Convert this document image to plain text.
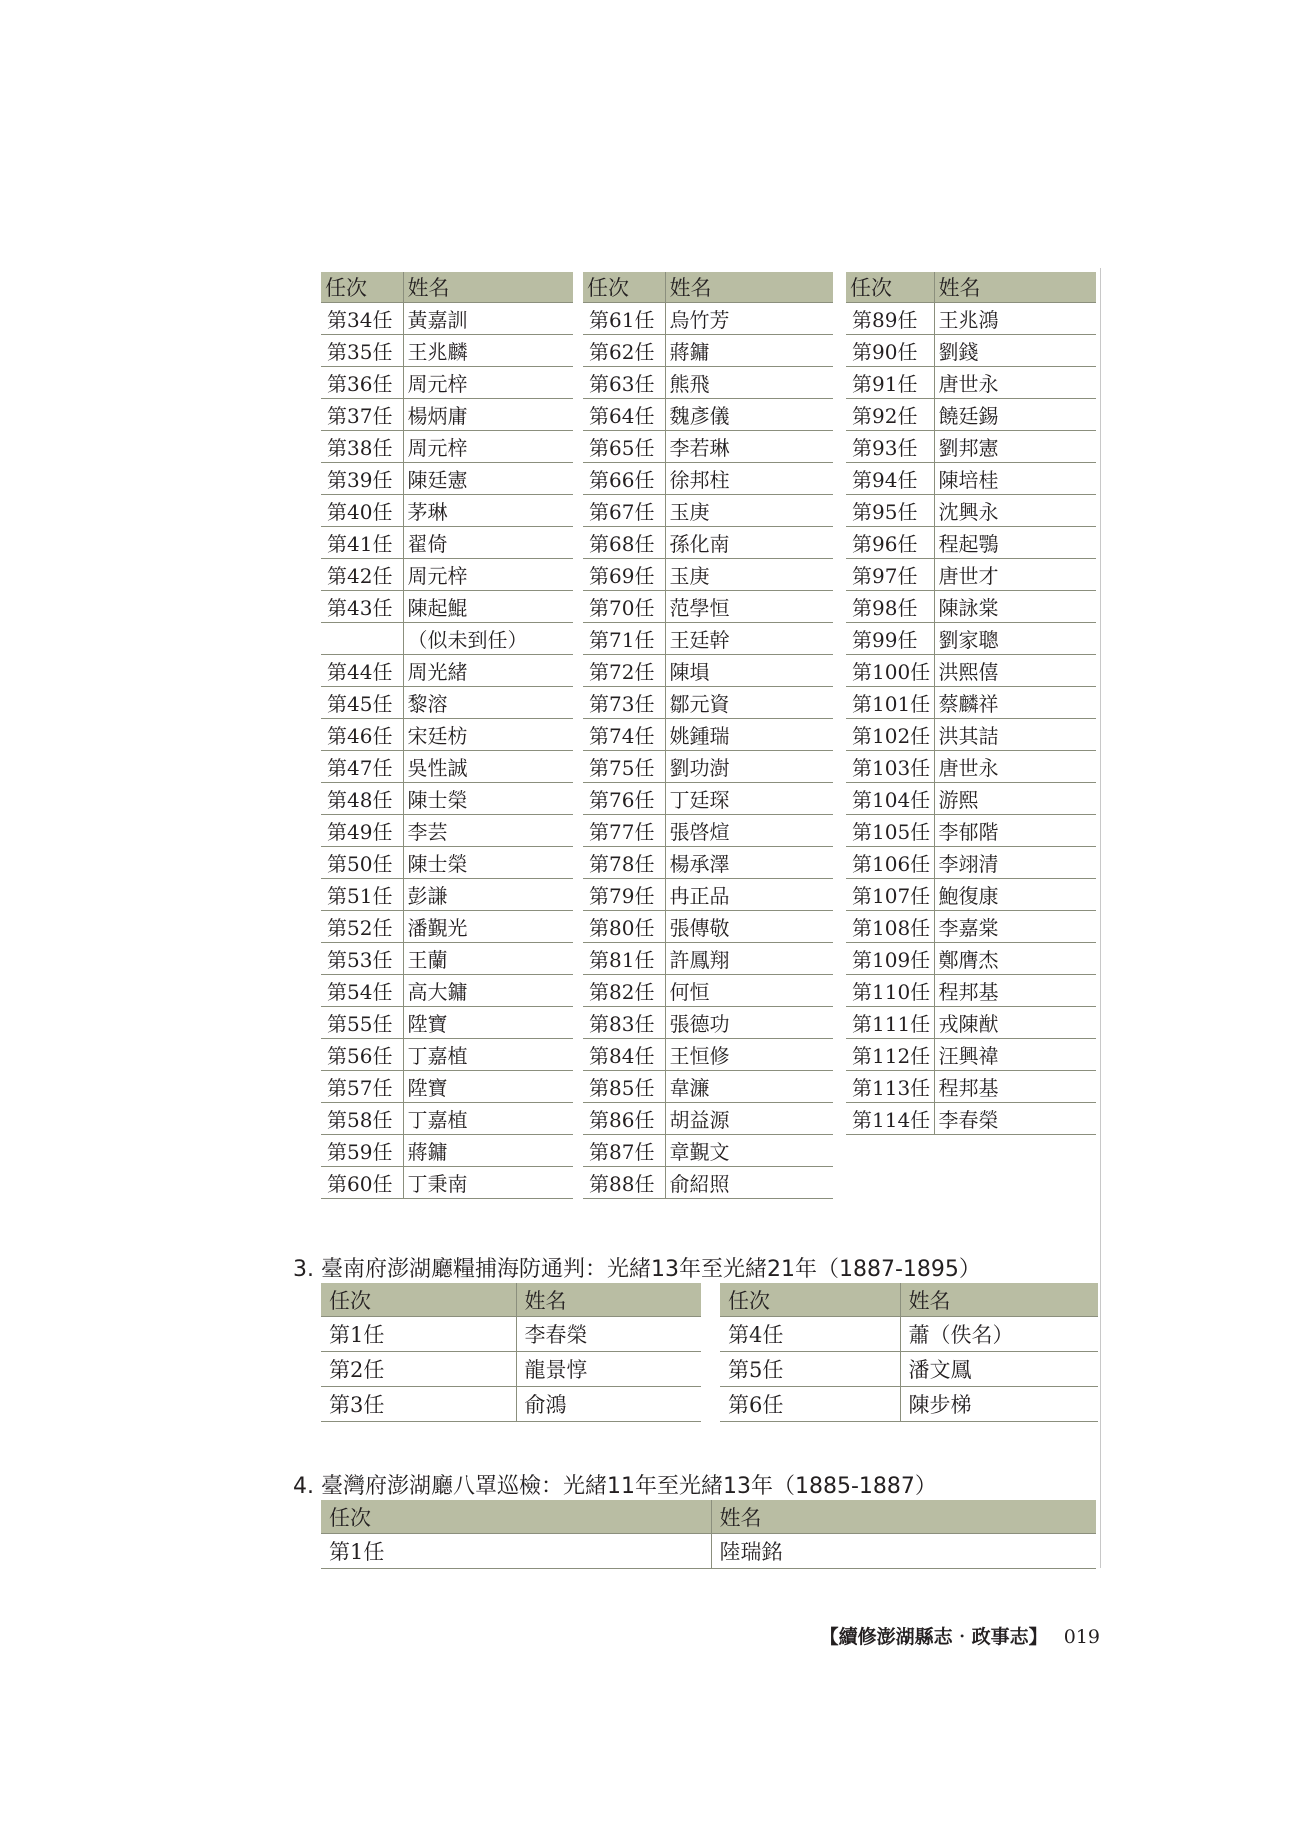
任次	姓名
第34任	黃嘉訓
第35任	王兆麟
第36任	周元梓
第37任	楊炳庸
第38任	周元梓
第39任	陳廷憲
第40任	茅琳
第41任	翟倚
第42任	周元梓
第43任	陳起鯤
	（似未到任）
第44任	周光緒
第45任	黎溶
第46任	宋廷枋
第47任	吳性誠
第48任	陳士榮
第49任	李芸
第50任	陳士榮
第51任	彭謙
第52任	潘覲光
第53任	王蘭
第54任	高大鏞
第55任	陞寶
第56任	丁嘉植
第57任	陞寶
第58任	丁嘉植
第59任	蔣鏞
第60任	丁秉南
任次	姓名
第61任	烏竹芳
第62任	蔣鏞
第63任	熊飛
第64任	魏彥儀
第65任	李若琳
第66任	徐邦柱
第67任	玉庚
第68任	孫化南
第69任	玉庚
第70任	范學恒
第71任	王廷幹
第72任	陳塤
第73任	鄒元資
第74任	姚鍾瑞
第75任	劉功澍
第76任	丁廷琛
第77任	張啓煊
第78任	楊承澤
第79任	冉正品
第80任	張傳敬
第81任	許鳳翔
第82任	何恒
第83任	張德功
第84任	王恒修
第85任	韋濂
第86任	胡益源
第87任	章覲文
第88任	俞紹照
任次	姓名
第89任	王兆鴻
第90任	劉錢
第91任	唐世永
第92任	饒廷錫
第93任	劉邦憲
第94任	陳培桂
第95任	沈興永
第96任	程起鶚
第97任	唐世才
第98任	陳詠棠
第99任	劉家聰
第100任	洪熙僖
第101任	蔡麟祥
第102任	洪其詰
第103任	唐世永
第104任	游熙
第105任	李郁階
第106任	李翊清
第107任	鮑復康
第108任	李嘉棠
第109任	鄭膺杰
第110任	程邦基
第111任	戎陳猷
第112任	汪興禕
第113任	程邦基
第114任	李春榮
3. 臺南府澎湖廳糧捕海防通判：光緒13年至光緒21年（1887-1895）
任次	姓名
第1任	李春榮
第2任	龍景惇
第3任	俞鴻
任次	姓名
第4任	蕭（佚名）
第5任	潘文鳳
第6任	陳步梯
4. 臺灣府澎湖廳八罩巡檢：光緒11年至光緒13年（1885-1887）
任次	姓名
第1任	陸瑞銘
【續修澎湖縣志‧政事志】 019
